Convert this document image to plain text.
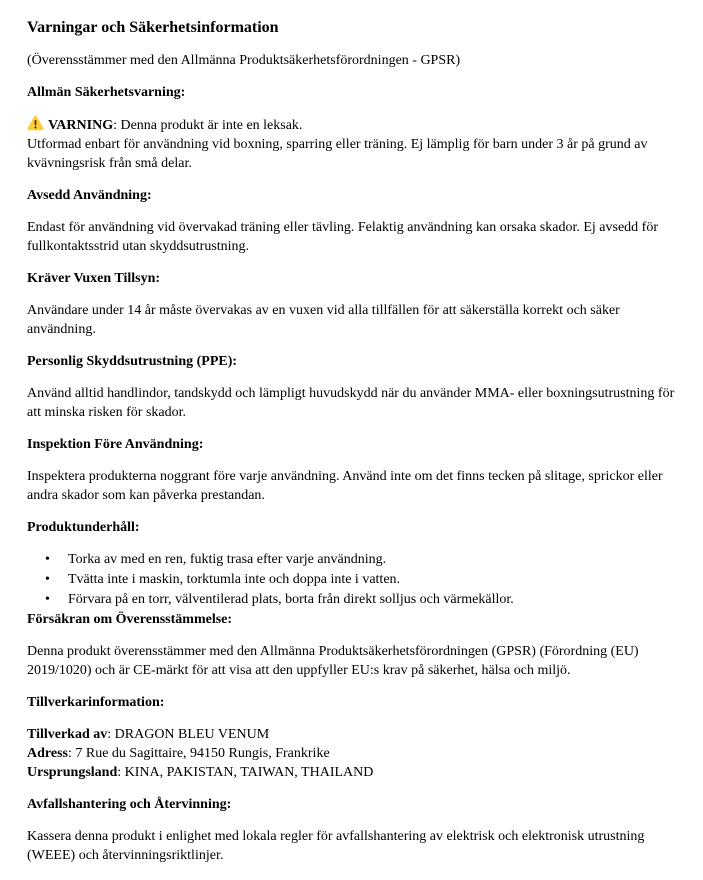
Varningar och Säkerhetsinformation

(Överensstämmer med den Allmänna Produktsäkerhetsförordningen - GPSR)

Allmän Säkerhetsvarning:

VARNING: Denna produkt är inte en leksak.
Utformad enbart för användning vid boxning, sparring eller träning. Ej lämplig för barn under 3 år på grund av kvävningsrisk från små delar.

Avsedd Användning:

Endast för användning vid övervakad träning eller tävling. Felaktig användning kan orsaka skador. Ej avsedd för fullkontaktsstrid utan skyddsutrustning.

Kräver Vuxen Tillsyn:

Användare under 14 år måste övervakas av en vuxen vid alla tillfällen för att säkerställa korrekt och säker användning.

Personlig Skyddsutrustning (PPE):

Använd alltid handlindor, tandskydd och lämpligt huvudskydd när du använder MMA- eller boxningsutrustning för att minska risken för skador.

Inspektion Före Användning:

Inspektera produkterna noggrant före varje användning. Använd inte om det finns tecken på slitage, sprickor eller andra skador som kan påverka prestandan.

Produktunderhåll:

• Torka av med en ren, fuktig trasa efter varje användning.
• Tvätta inte i maskin, torktumla inte och doppa inte i vatten.
• Förvara på en torr, välventilerad plats, borta från direkt solljus och värmekällor.

Försäkran om Överensstämmelse:

Denna produkt överensstämmer med den Allmänna Produktsäkerhetsförordningen (GPSR) (Förordning (EU) 2019/1020) och är CE-märkt för att visa att den uppfyller EU:s krav på säkerhet, hälsa och miljö.

Tillverkarinformation:

Tillverkad av: DRAGON BLEU VENUM
Adress: 7 Rue du Sagittaire, 94150 Rungis, Frankrike
Ursprungsland: KINA, PAKISTAN, TAIWAN, THAILAND

Avfallshantering och Återvinning:

Kassera denna produkt i enlighet med lokala regler för avfallshantering av elektrisk och elektronisk utrustning (WEEE) och återvinningsriktlinjer.
